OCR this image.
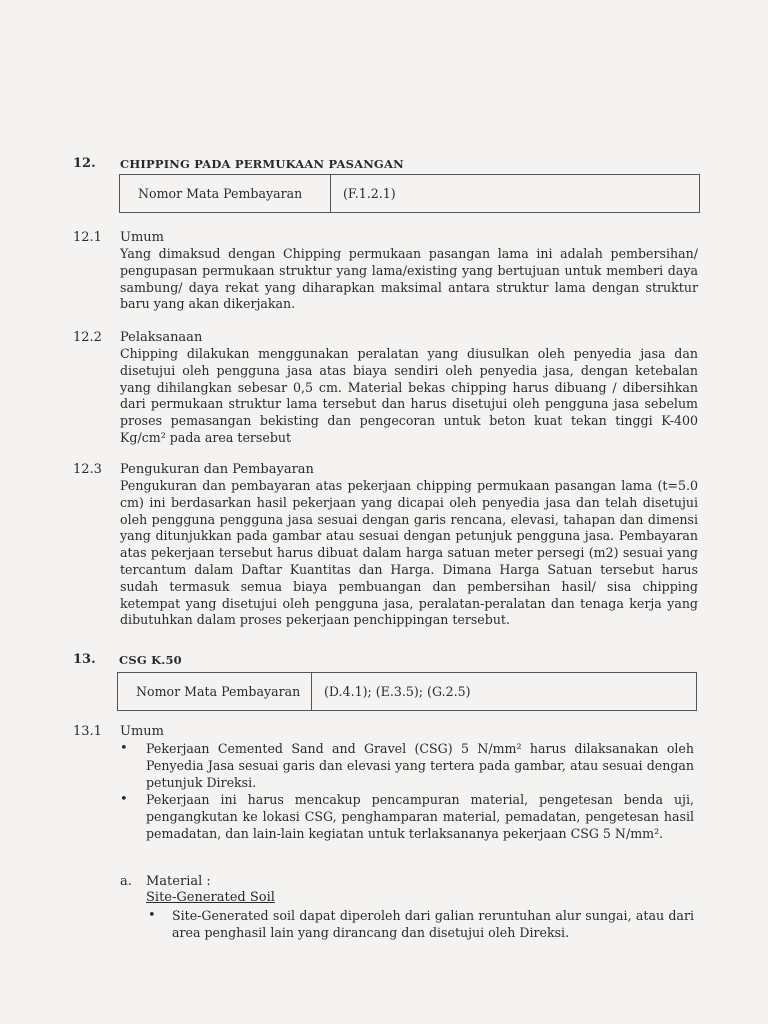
12. CHIPPING PADA PERMUKAAN PASANGAN
Nomor Mata Pembayaran	(F.1.2.1)
12.1 Umum
Yang dimaksud dengan Chipping permukaan pasangan lama ini adalah pembersihan/ pengupasan permukaan struktur yang lama/existing yang bertujuan untuk memberi daya sambung/ daya rekat yang diharapkan maksimal antara struktur lama dengan struktur baru yang akan dikerjakan.
12.2 Pelaksanaan
Chipping dilakukan menggunakan peralatan yang diusulkan oleh penyedia jasa dan disetujui oleh pengguna jasa atas biaya sendiri oleh penyedia jasa, dengan ketebalan yang dihilangkan sebesar 0,5 cm. Material bekas chipping harus dibuang / dibersihkan dari permukaan struktur lama tersebut dan harus disetujui oleh pengguna jasa sebelum proses pemasangan bekisting dan pengecoran untuk beton kuat tekan tinggi K-400 Kg/cm² pada area tersebut
12.3 Pengukuran dan Pembayaran
Pengukuran dan pembayaran atas pekerjaan chipping permukaan pasangan lama (t=5.0 cm) ini berdasarkan hasil pekerjaan yang dicapai oleh penyedia jasa dan telah disetujui oleh pengguna pengguna jasa sesuai dengan garis rencana, elevasi, tahapan dan dimensi yang ditunjukkan pada gambar atau sesuai dengan petunjuk pengguna jasa. Pembayaran atas pekerjaan tersebut harus dibuat dalam harga satuan meter persegi (m2) sesuai yang tercantum dalam Daftar Kuantitas dan Harga. Dimana Harga Satuan tersebut harus sudah termasuk semua biaya pembuangan dan pembersihan hasil/ sisa chipping ketempat yang disetujui oleh pengguna jasa, peralatan-peralatan dan tenaga kerja yang dibutuhkan dalam proses pekerjaan penchippingan tersebut.
13. CSG K.50
Nomor Mata Pembayaran	(D.4.1); (E.3.5); (G.2.5)
13.1 Umum
• Pekerjaan Cemented Sand and Gravel (CSG) 5 N/mm² harus dilaksanakan oleh Penyedia Jasa sesuai garis dan elevasi yang tertera pada gambar, atau sesuai dengan petunjuk Direksi.
• Pekerjaan ini harus mencakup pencampuran material, pengetesan benda uji, pengangkutan ke lokasi CSG, penghamparan material, pemadatan, pengetesan hasil pemadatan, dan lain-lain kegiatan untuk terlaksananya pekerjaan CSG 5 N/mm².
a. Material :
Site-Generated Soil
• Site-Generated soil dapat diperoleh dari galian reruntuhan alur sungai, atau dari area penghasil lain yang dirancang dan disetujui oleh Direksi.
